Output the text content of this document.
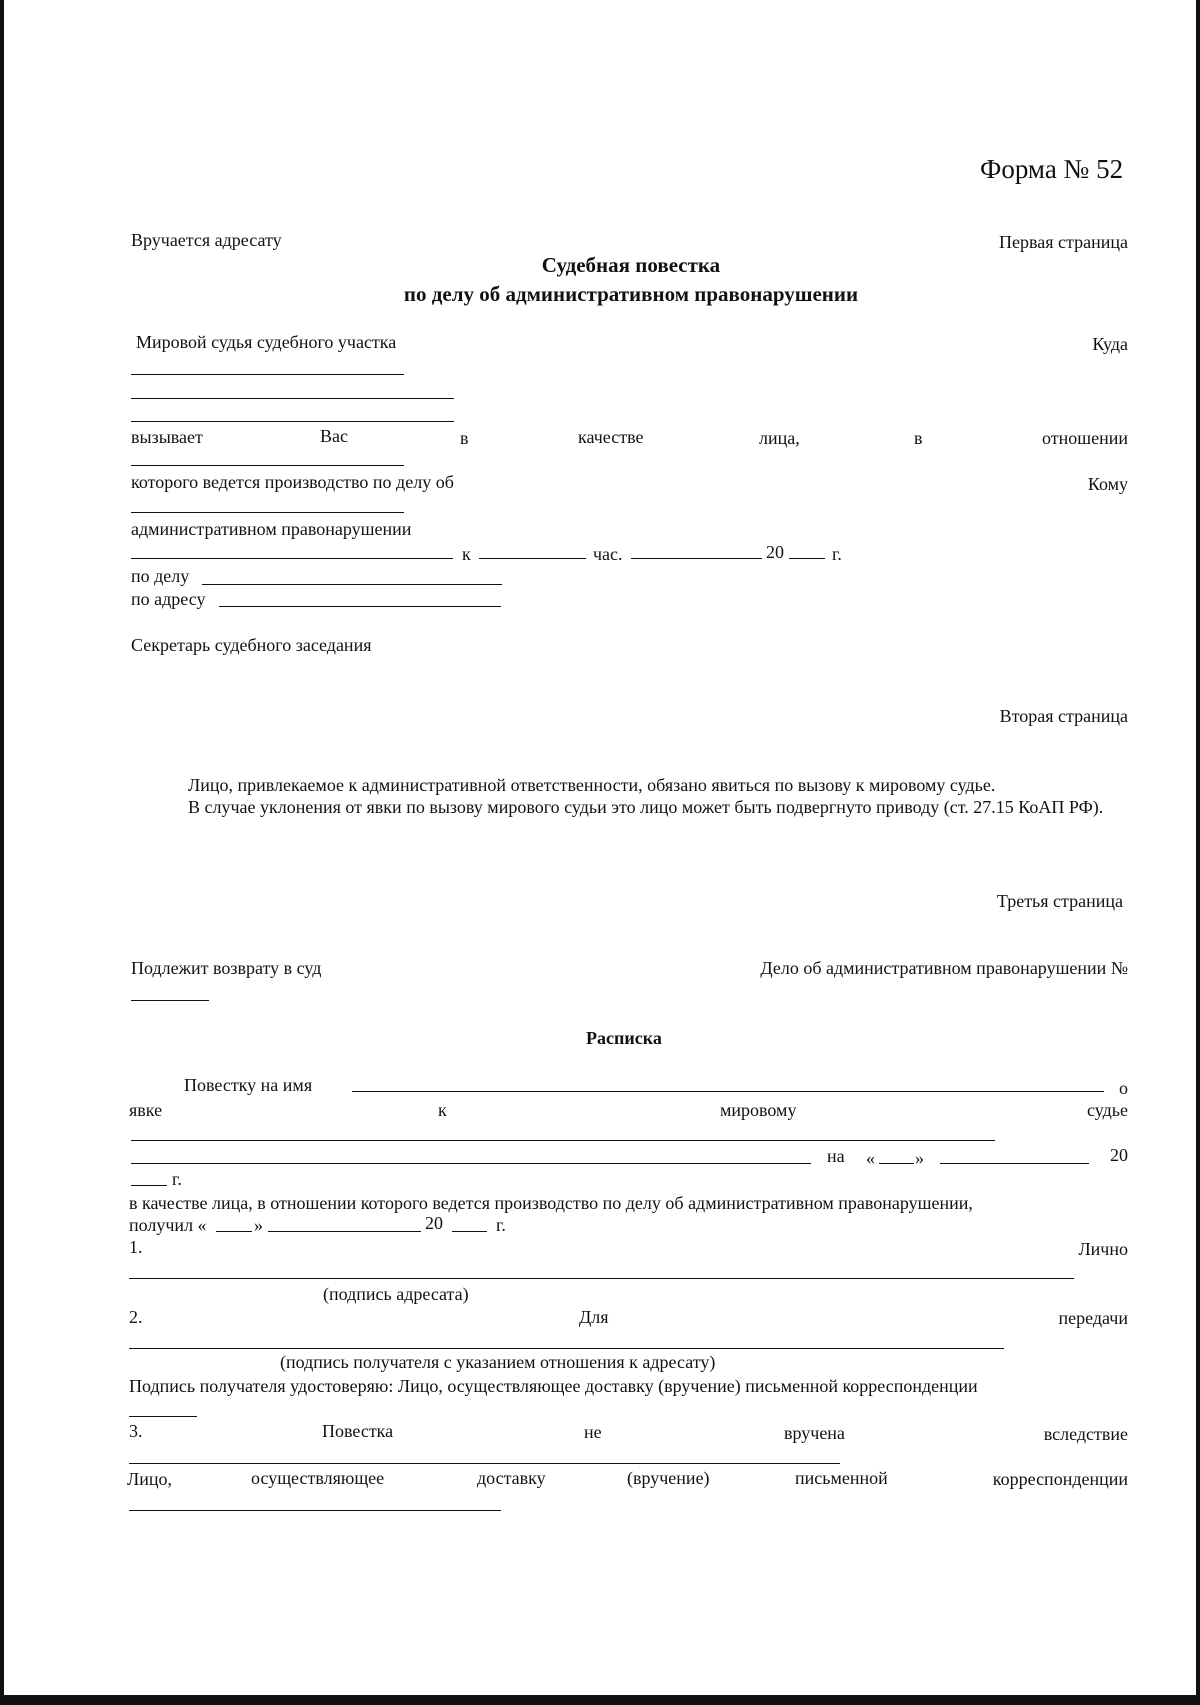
Форма № 52
Вручается адресату	Первая страница
Судебная повестка
по делу об административном правонарушении
Мировой судья судебного участка	Куда
вызывает	Вас	в	качестве	лица,	в	отношении
которого ведется производство по делу об	Кому
административном правонарушении
к	час.	20	г.
по делу
по адресу
Секретарь судебного заседания
Вторая страница

Лицо, привлекаемое к административной ответственности, обязано явиться по вызову к мировому судье.

В случае уклонения от явки по вызову мирового судьи это лицо может быть подвергнуто приводу (ст. 27.15 КоАП РФ).

Третья страница
Подлежит возврату в суд	Дело об административном правонарушении №
Расписка
Повестку на имя	о
явке	к	мировому	судье
на « »	20
г.
в качестве лица, в отношении которого ведется производство по делу об административном правонарушении,
получил «	»	20	г.
1.	Лично
(подпись адресата)
2.	Для	передачи
(подпись получателя с указанием отношения к адресату)
Подпись получателя удостоверяю: Лицо, осуществляющее доставку (вручение) письменной корреспонденции
3.	Повестка	не	вручена	вследствие
Лицо,	осуществляющее	доставку	(вручение)	письменной	корреспонденции
